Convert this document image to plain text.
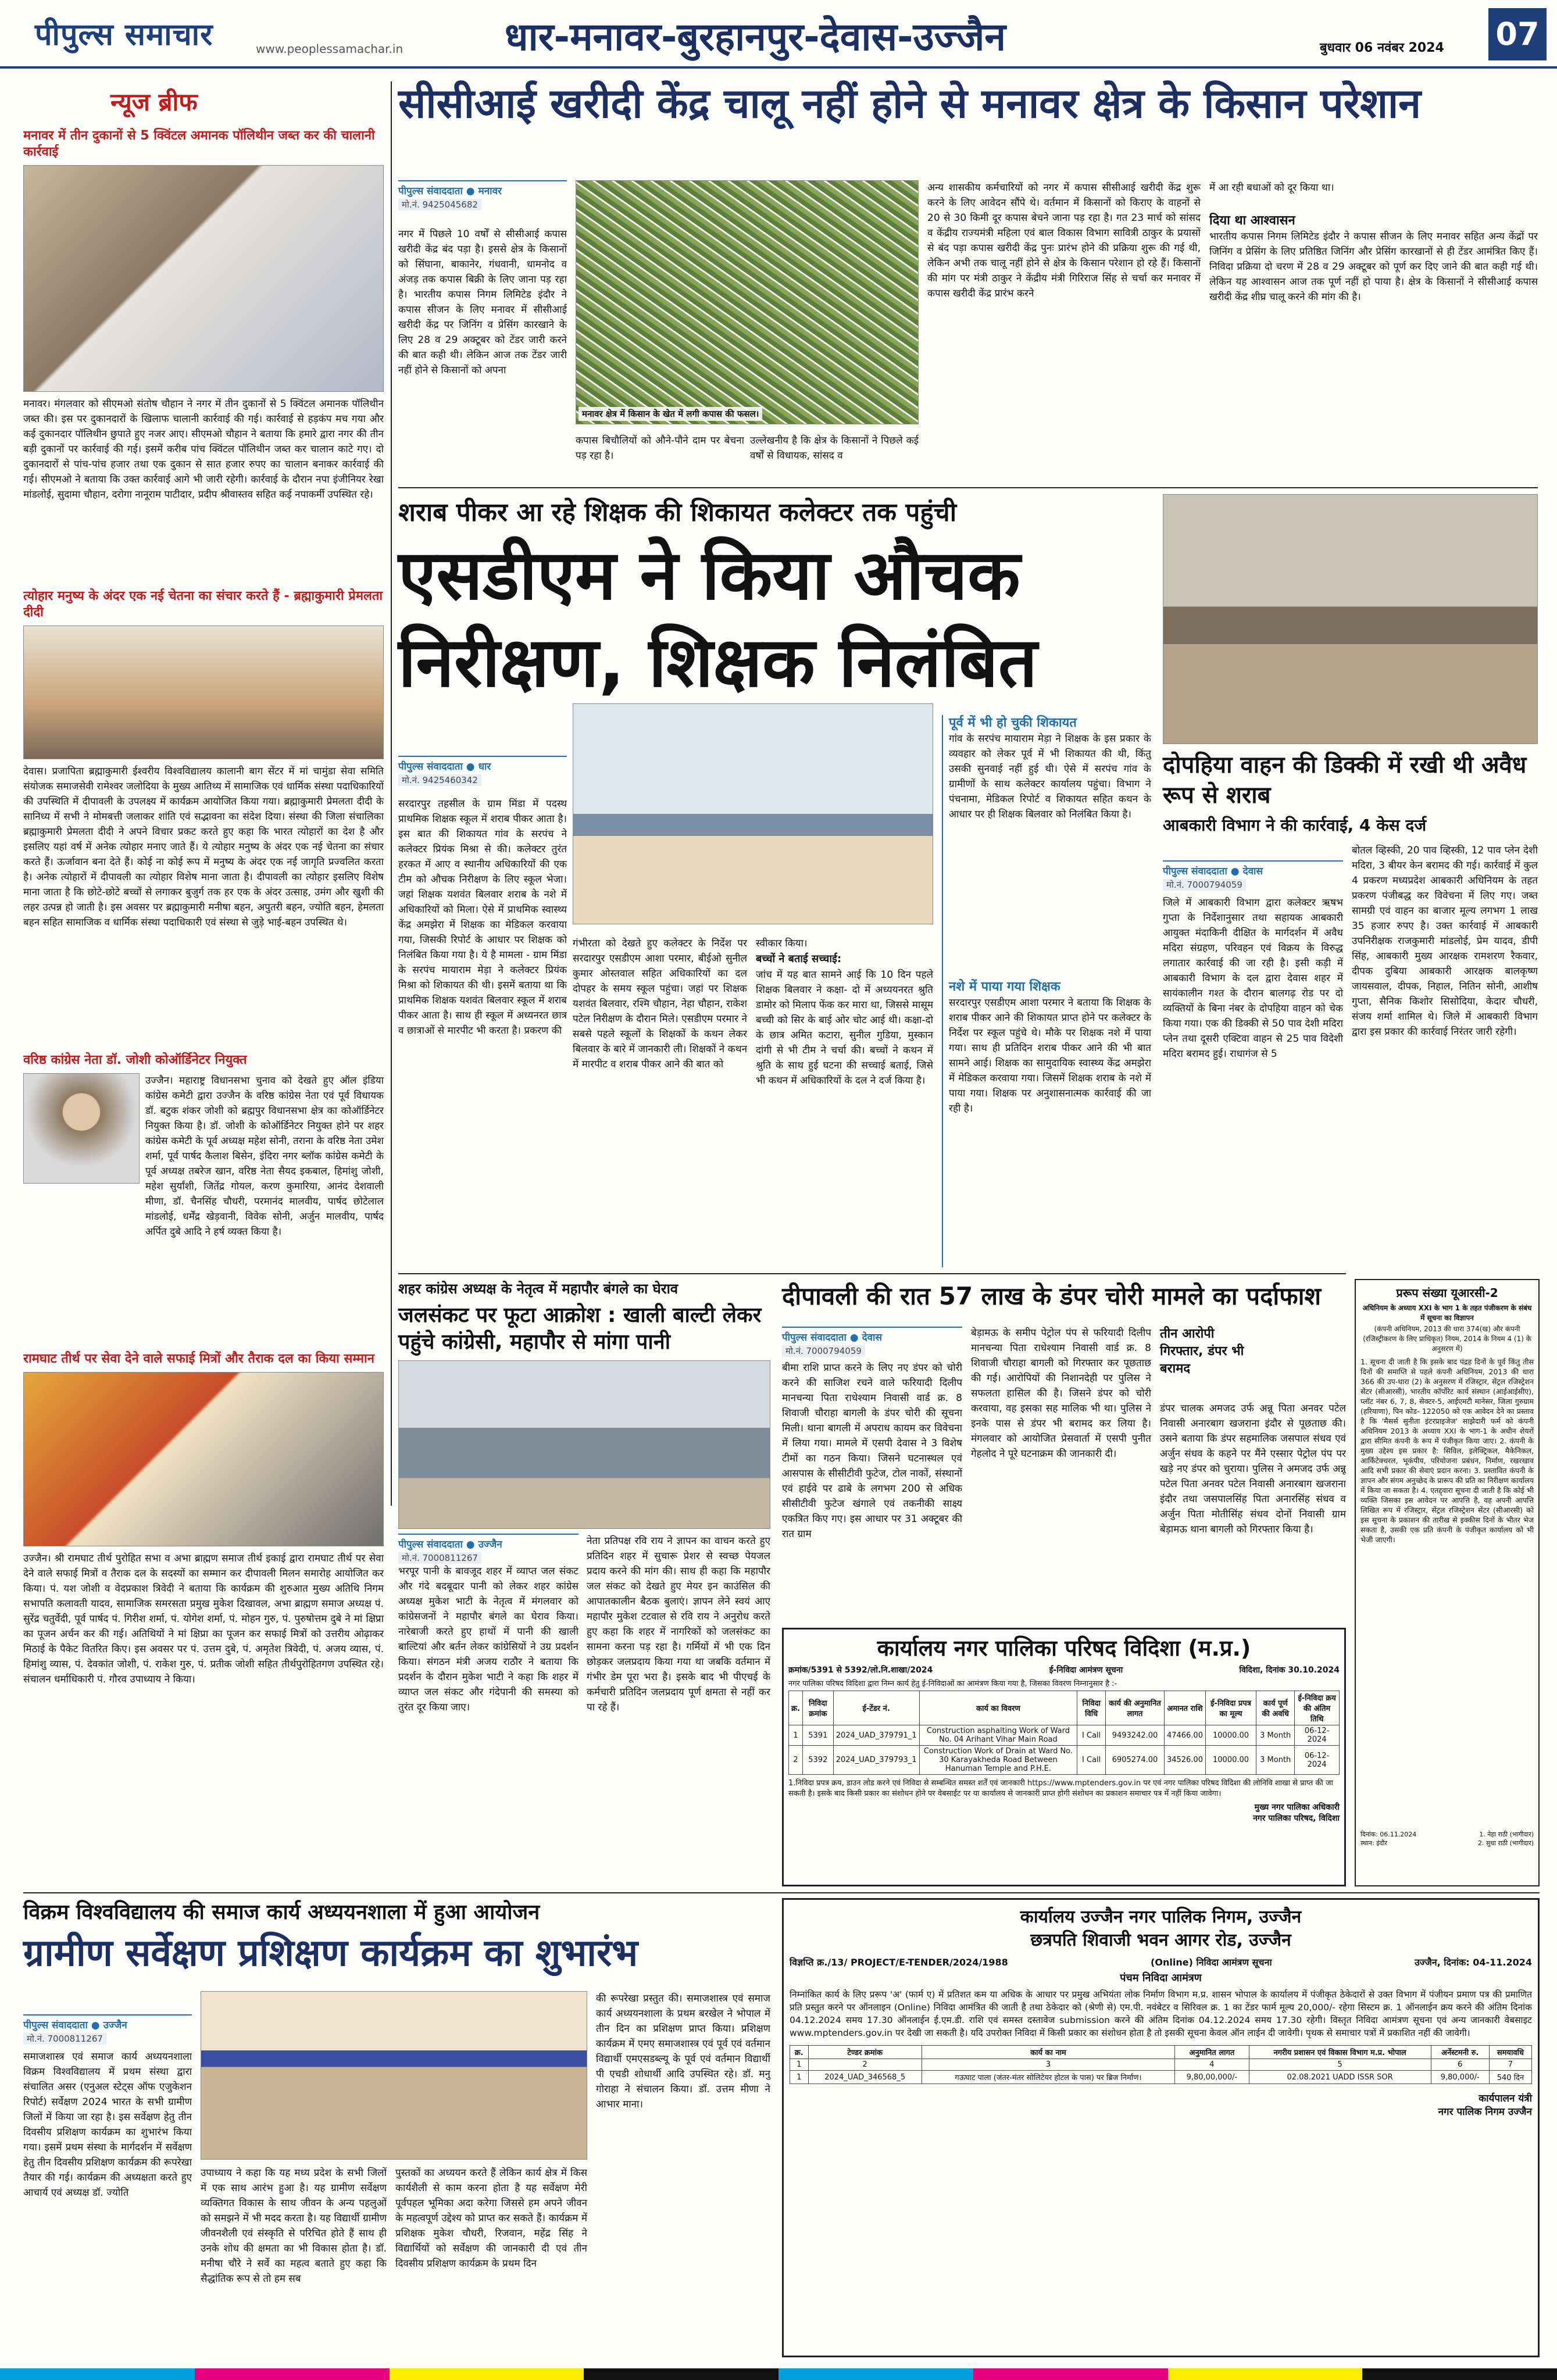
पीपुल्स समाचार	www.peoplessamachar.in	धार-मनावर-बुरहानपुर-देवास-उज्जैन	बुधवार 06 नवंबर 2024 07
न्यूज ब्रीफ
मनावर में तीन दुकानों से 5 क्विंटल अमानक पॉलिथीन जब्त कर की चालानी कार्रवाई
मनावर। मंगलवार को सीएमओ संतोष चौहान ने नगर में तीन दुकानों से 5 क्विंटल अमानक पॉलिथीन जब्त की। इस पर दुकानदारों के खिलाफ चालानी कार्रवाई की गई। कार्रवाई से हड़कंप मच गया और कई दुकानदार पॉलिथीन छुपाते हुए नजर आए। सीएमओ चौहान ने बताया कि हमारे द्वारा नगर की तीन बड़ी दुकानों पर कार्रवाई की गई। इसमें करीब पांच क्विंटल पॉलिथीन जब्त कर चालान काटे गए। दो दुकानदारों से पांच-पांच हजार तथा एक दुकान से सात हजार रुपए का चालान बनाकर कार्रवाई की गई। सीएमओ ने बताया कि उक्त कार्रवाई आगे भी जारी रहेगी। कार्रवाई के दौरान नपा इंजीनियर रेखा मांडलोई, सुदामा चौहान, दरोगा नानूराम पाटीदार, प्रदीप श्रीवास्तव सहित कई नपाकर्मी उपस्थित रहे।
त्योहार मनुष्य के अंदर एक नई चेतना का संचार करते हैं - ब्रह्माकुमारी प्रेमलता दीदी
देवास। प्रजापिता ब्रह्माकुमारी ईश्वरीय विश्वविद्यालय कालानी बाग सेंटर में मां चामुंडा सेवा समिति संयोजक समाजसेवी रामेश्वर जलोदिया के मुख्य आतिथ्य में सामाजिक एवं धार्मिक संस्था पदाधिकारियों की उपस्थिति में दीपावली के उपलक्ष्य में कार्यक्रम आयोजित किया गया। ब्रह्माकुमारी प्रेमलता दीदी के सानिध्य में सभी ने मोमबत्ती जलाकर शांति एवं सद्भावना का संदेश दिया। संस्था की जिला संचालिका ब्रह्माकुमारी प्रेमलता दीदी ने अपने विचार प्रकट करते हुए कहा कि भारत त्योहारों का देश है और इसलिए यहां वर्ष में अनेक त्योहार मनाए जाते हैं। ये त्योहार मनुष्य के अंदर एक नई चेतना का संचार करते हैं। ऊर्जावान बना देते हैं। कोई ना कोई रूप में मनुष्य के अंदर एक नई जागृति प्रज्वलित करता है। अनेक त्योहारों में दीपावली का त्योहार विशेष माना जाता है। दीपावली का त्योहार इसलिए विशेष माना जाता है कि छोटे-छोटे बच्चों से लगाकर बुजुर्ग तक हर एक के अंदर उत्साह, उमंग और खुशी की लहर उत्पन्न हो जाती है। इस अवसर पर ब्रह्माकुमारी मनीषा बहन, अपुतरी बहन, ज्योति बहन, हेमलता बहन सहित सामाजिक व धार्मिक संस्था पदाधिकारी एवं संस्था से जुड़े भाई-बहन उपस्थित थे।
वरिष्ठ कांग्रेस नेता डॉ. जोशी कोऑर्डिनेटर नियुक्त
उज्जैन। महाराष्ट्र विधानसभा चुनाव को देखते हुए ऑल इंडिया कांग्रेस कमेटी द्वारा उज्जैन के वरिष्ठ कांग्रेस नेता एवं पूर्व विधायक डॉ. बटुक शंकर जोशी को ब्रह्मपुर विधानसभा क्षेत्र का कोऑर्डिनेटर नियुक्त किया है। डॉ. जोशी के कोऑर्डिनेटर नियुक्त होने पर शहर कांग्रेस कमेटी के पूर्व अध्यक्ष महेश सोनी, तराना के वरिष्ठ नेता उमेश शर्मा, पूर्व पार्षद कैलाश बिसेन, इंदिरा नगर ब्लॉक कांग्रेस कमेटी के पूर्व अध्यक्ष तबरेज खान, वरिष्ठ नेता सैयद इकबाल, हिमांशु जोशी, महेश सुर्यांशी, जितेंद्र गोयल, करण कुमारिया, आनंद देशवाली मीणा, डॉ. चैनसिंह चौधरी, परमानंद मालवीय, पार्षद छोटेलाल मांडलोई, धर्मेंद्र खेड़वानी, विवेक सोनी, अर्जुन मालवीय, पार्षद अर्पित दुबे आदि ने हर्ष व्यक्त किया है।
रामघाट तीर्थ पर सेवा देने वाले सफाई मित्रों और तैराक दल का किया सम्मान
उज्जैन। श्री रामघाट तीर्थ पुरोहित सभा व अभा ब्राह्मण समाज तीर्थ इकाई द्वारा रामघाट तीर्थ पर सेवा देने वाले सफाई मित्रों व तैराक दल के सदस्यों का सम्मान कर दीपावली मिलन समारोह आयोजित कर किया। पं. यश जोशी व वेदप्रकाश त्रिवेदी ने बताया कि कार्यक्रम की शुरुआत मुख्य अतिथि निगम सभापति कलावती यादव, सामाजिक समरसता प्रमुख मुकेश दिखावल, अभा ब्राह्मण समाज अध्यक्ष पं. सुरेंद्र चतुर्वेदी, पूर्व पार्षद पं. गिरीश शर्मा, पं. योगेश शर्मा, पं. मोहन गुरु, पं. पुरुषोत्तम दुबे ने मां क्षिप्रा का पूजन अर्चन कर की गई। अतिथियों ने मां क्षिप्रा का पूजन कर सफाई मित्रों को उत्तरीय ओढ़ाकर मिठाई के पैकेट वितरित किए। इस अवसर पर पं. उत्तम दुबे, पं. अमृतेश त्रिवेदी, पं. अजय व्यास, पं. हिमांशु व्यास, पं. देवकांत जोशी, पं. राकेश गुरु, पं. प्रतीक जोशी सहित तीर्थपुरोहितगण उपस्थित रहे। संचालन धर्माधिकारी पं. गौरव उपाध्याय ने किया।
सीसीआई खरीदी केंद्र चालू नहीं होने से मनावर क्षेत्र के किसान परेशान
पीपुल्स संवाददाता ● मनावर
मो.नं. 9425045682
नगर में पिछले 10 वर्षों से सीसीआई कपास खरीदी केंद्र बंद पड़ा है। इससे क्षेत्र के किसानों को सिंघाना, बाकानेर, गंधवानी, धामनोद व अंजड़ तक कपास बिक्री के लिए जाना पड़ रहा है। भारतीय कपास निगम लिमिटेड इंदौर ने कपास सीजन के लिए मनावर में सीसीआई खरीदी केंद्र पर जिनिंग व प्रेसिंग कारखाने के लिए 28 व 29 अक्टूबर को टेंडर जारी करने की बात कही थी। लेकिन आज तक टेंडर जारी नहीं होने से किसानों को अपना
मनावर क्षेत्र में किसान के खेत में लगी कपास की फसल।
कपास बिचौलियों को औने-पौने दाम पर बेचना पड़ रहा है।
उल्लेखनीय है कि क्षेत्र के किसानों ने पिछले कई वर्षों से विधायक, सांसद व
अन्य शासकीय कर्मचारियों को नगर में कपास सीसीआई खरीदी केंद्र शुरू करने के लिए आवेदन सौंपे थे। वर्तमान में किसानों को किराए के वाहनों से 20 से 30 किमी दूर कपास बेचने जाना पड़ रहा है। गत 23 मार्च को सांसद व केंद्रीय राज्यमंत्री महिला एवं बाल विकास विभाग सावित्री ठाकुर के प्रयासों से बंद पड़ा कपास खरीदी केंद्र पुनः प्रारंभ होने की प्रक्रिया शुरू की गई थी, लेकिन अभी तक चालू नहीं होने से क्षेत्र के किसान परेशान हो रहे हैं। किसानों की मांग पर मंत्री ठाकुर ने केंद्रीय मंत्री गिरिराज सिंह से चर्चा कर मनावर में कपास खरीदी केंद्र प्रारंभ करने
में आ रही बधाओं को दूर किया था।
दिया था आश्वासन
भारतीय कपास निगम लिमिटेड इंदौर ने कपास सीजन के लिए मनावर सहित अन्य केंद्रों पर जिनिंग व प्रेसिंग के लिए प्रतिष्ठित जिनिंग और प्रेसिंग कारखानों से ही टेंडर आमंत्रित किए हैं। निविदा प्रक्रिया दो चरण में 28 व 29 अक्टूबर को पूर्ण कर दिए जाने की बात कही गई थी। लेकिन यह आश्वासन आज तक पूर्ण नहीं हो पाया है। क्षेत्र के किसानों ने सीसीआई कपास खरीदी केंद्र शीघ्र चालू करने की मांग की है।
शराब पीकर आ रहे शिक्षक की शिकायत कलेक्टर तक पहुंची
एसडीएम ने किया औचक
निरीक्षण, शिक्षक निलंबित
पीपुल्स संवाददाता ● धार
मो.नं. 9425460342
सरदारपुर तहसील के ग्राम मिंडा में पदस्थ प्राथमिक शिक्षक स्कूल में शराब पीकर आता है। इस बात की शिकायत गांव के सरपंच ने कलेक्टर प्रियंक मिश्रा से की। कलेक्टर तुरंत हरकत में आए व स्थानीय अधिकारियों की एक टीम को औचक निरीक्षण के लिए स्कूल भेजा। जहां शिक्षक यशवंत बिलवार शराब के नशे में अधिकारियों को मिला। ऐसे में प्राथमिक स्वास्थ्य केंद्र अमझेरा में शिक्षक का मेडिकल करवाया गया, जिसकी रिपोर्ट के आधार पर शिक्षक को निलंबित किया गया है। ये है मामला - ग्राम मिंडा के सरपंच मायाराम मेड़ा ने कलेक्टर प्रियंक मिश्रा को शिकायत की थी। इसमें बताया था कि प्राथमिक शिक्षक यशवंत बिलवार स्कूल में शराब पीकर आता है। साथ ही स्कूल में अध्यनरत छात्र व छात्राओं से मारपीट भी करता है। प्रकरण की
गंभीरता को देखते हुए कलेक्टर के निर्देश पर सरदारपुर एसडीएम आशा परमार, बीईओ सुनील कुमार ओस्तवाल सहित अधिकारियों का दल दोपहर के समय स्कूल पहुंचा। जहां पर शिक्षक यशवंत बिलवार, रश्मि चौहान, नेहा चौहान, राकेश पटेल निरीक्षण के दौरान मिले। एसडीएम परमार ने सबसे पहले स्कूलों के शिक्षकों के कथन लेकर बिलवार के बारे में जानकारी ली। शिक्षकों ने कथन में मारपीट व शराब पीकर आने की बात को
स्वीकार किया।
बच्चों ने बताई सच्चाई:
जांच में यह बात सामने आई कि 10 दिन पहले शिक्षक बिलवार ने कक्षा- दो में अध्ययनरत श्रुति डामोर को मिलाप फेंक कर मारा था, जिससे मासूम बच्ची को सिर के बाई ओर चोट आई थी। कक्षा-दो के छात्र अमित कटारा, सुनील गुडिया, मुस्कान दांगी से भी टीम ने चर्चा की। बच्चों ने कथन में श्रुति के साथ हुई घटना की सच्चाई बताई, जिसे भी कथन में अधिकारियों के दल ने दर्ज किया है।
पूर्व में भी हो चुकी शिकायत
गांव के सरपंच मायाराम मेड़ा ने शिक्षक के इस प्रकार के व्यवहार को लेकर पूर्व में भी शिकायत की थी, किंतु उसकी सुनवाई नहीं हुई थी। ऐसे में सरपंच गांव के ग्रामीणों के साथ कलेक्टर कार्यालय पहुंचा। विभाग ने पंचनामा, मेडिकल रिपोर्ट व शिकायत सहित कथन के आधार पर ही शिक्षक बिलवार को निलंबित किया है।
नशे में पाया गया शिक्षक
सरदारपुर एसडीएम आशा परमार ने बताया कि शिक्षक के शराब पीकर आने की शिकायत प्राप्त होने पर कलेक्टर के निर्देश पर स्कूल पहुंचे थे। मौके पर शिक्षक नशे में पाया गया। साथ ही प्रतिदिन शराब पीकर आने की भी बात सामने आई। शिक्षक का सामुदायिक स्वास्थ्य केंद्र अमझेरा में मेडिकल करवाया गया। जिसमें शिक्षक शराब के नशे में पाया गया। शिक्षक पर अनुशासनात्मक कार्रवाई की जा रही है।
दोपहिया वाहन की डिक्की में रखी थी अवैध रूप से शराब
आबकारी विभाग ने की कार्रवाई, 4 केस दर्ज
पीपुल्स संवाददाता ● देवास
मो.नं. 7000794059
जिले में आबकारी विभाग द्वारा कलेक्टर ऋषभ गुप्ता के निर्देशानुसार तथा सहायक आबकारी आयुक्त मंदाकिनी दीक्षित के मार्गदर्शन में अवैध मदिरा संग्रहण, परिवहन एवं विक्रय के विरुद्ध लगातार कार्रवाई की जा रही है। इसी कड़ी में आबकारी विभाग के दल द्वारा देवास शहर में सायंकालीन गश्त के दौरान बालगढ़ रोड पर दो व्यक्तियों के बिना नंबर के दोपहिया वाहन को चेक किया गया। एक की डिक्की से 50 पाव देशी मदिरा प्लेन तथा दूसरी एक्टिवा वाहन से 25 पाव विदेशी मदिरा बरामद हुई। राधागंज से 5
बोतल व्हिस्की, 20 पाव व्हिस्की, 12 पाव प्लेन देशी मदिरा, 3 बीयर केन बरामद की गई। कार्रवाई में कुल 4 प्रकरण मध्यप्रदेश आबकारी अधिनियम के तहत प्रकरण पंजीबद्ध कर विवेचना में लिए गए। जब्त सामग्री एवं वाहन का बाजार मूल्य लगभग 1 लाख 35 हजार रुपए है। उक्त कार्रवाई में आबकारी उपनिरीक्षक राजकुमारी मांडलोई, प्रेम यादव, डीपी सिंह, आबकारी मुख्य आरक्षक रामशरण रैकवार, दीपक दुबिया आबकारी आरक्षक बालकृष्ण जायसवाल, दीपक, निहाल, नितिन सोनी, आशीष गुप्ता, सैनिक किशोर सिसोदिया, केदार चौधरी, संजय शर्मा शामिल थे। जिले में आबकारी विभाग द्वारा इस प्रकार की कार्रवाई निरंतर जारी रहेगी।
शहर कांग्रेस अध्यक्ष के नेतृत्व में महापौर बंगले का घेराव
जलसंकट पर फूटा आक्रोश : खाली बाल्टी लेकर पहुंचे कांग्रेसी, महापौर से मांगा पानी
पीपुल्स संवाददाता ● उज्जैन
मो.नं. 7000811267
भरपूर पानी के बावजूद शहर में व्याप्त जल संकट और गंदे बदबूदार पानी को लेकर शहर कांग्रेस अध्यक्ष मुकेश भाटी के नेतृत्व में मंगलवार को कांग्रेसजनों ने महापौर बंगले का घेराव किया। नारेबाजी करते हुए हाथों में पानी की खाली बाल्टियां और बर्तन लेकर कांग्रेसियों ने उग्र प्रदर्शन किया। संगठन मंत्री अजय राठौर ने बताया कि प्रदर्शन के दौरान मुकेश भाटी ने कहा कि शहर में व्याप्त जल संकट और गंदेपानी की समस्या को तुरंत दूर किया जाए।
नेता प्रतिपक्ष रवि राय ने ज्ञापन का वाचन करते हुए प्रतिदिन शहर में सुचारू प्रेशर से स्वच्छ पेयजल प्रदाय करने की मांग की। साथ ही कहा कि महापौर जल संकट को देखते हुए मेयर इन काउंसिल की आपातकालीन बैठक बुलाएं। ज्ञापन लेने स्वयं आए महापौर मुकेश टटवाल से रवि राय ने अनुरोध करते हुए कहा कि शहर में नागरिकों को जलसंकट का सामना करना पड़ रहा है। गर्मियों में भी एक दिन छोड़कर जलप्रदाय किया गया था जबकि वर्तमान में गंभीर डेम पूरा भरा है। इसके बाद भी पीएचई के कर्मचारी प्रतिदिन जलप्रदाय पूर्ण क्षमता से नहीं कर पा रहे हैं।
दीपावली की रात 57 लाख के डंपर चोरी मामले का पर्दाफाश
पीपुल्स संवाददाता ● देवास
मो.नं. 7000794059
बीमा राशि प्राप्त करने के लिए नए डंपर को चोरी करने की साजिश रचने वाले फरियादी दिलीप मानचन्या पिता राधेश्याम निवासी वार्ड क्र. 8 शिवाजी चौराहा बागली के डंपर चोरी की सूचना मिली। थाना बागली में अपराध कायम कर विवेचना में लिया गया। मामले में एसपी देवास ने 3 विशेष टीमों का गठन किया। जिसने घटनास्थल एवं आसपास के सीसीटीवी फुटेज, टोल नाकों, संस्थानों एवं हाईवे पर ढाबे के लगभग 200 से अधिक सीसीटीवी फुटेज खंगाले एवं तकनीकी साक्ष्य एकत्रित किए गए। इस आधार पर 31 अक्टूबर की रात ग्राम
बेड़ामऊ के समीप पेट्रोल पंप से फरियादी दिलीप मानचन्या पिता राधेश्याम निवासी वार्ड क्र. 8 शिवाजी चौराहा बागली को गिरफ्तार कर पूछताछ की गई। आरोपियों की निशानदेही पर पुलिस ने सफलता हासिल की है। जिसने डंपर को चोरी करवाया, वह इसका सह मालिक भी था। पुलिस ने इनके पास से डंपर भी बरामद कर लिया है। मंगलवार को आयोजित प्रेसवार्ता में एसपी पुनीत गेहलोद ने पूरे घटनाक्रम की जानकारी दी।
तीन आरोपी गिरफ्तार, डंपर भी बरामद
डंपर चालक अमजद उर्फ अन्नू पिता अनवर पटेल निवासी अनारबाग खजराना इंदौर से पूछताछ की। उसने बताया कि डंपर सहमालिक जसपाल संधव एवं अर्जुन संधव के कहने पर मैंने एस्सार पेट्रोल पंप पर खड़े नए डंपर को चुराया। पुलिस ने अमजद उर्फ अन्नू पटेल पिता अनवर पटेल निवासी अनारबाग खजराना इंदौर तथा जसपालसिंह पिता अनारसिंह संधव व अर्जुन पिता मोतीसिंह संधव दोनों निवासी ग्राम बेड़ामऊ थाना बागली को गिरफ्तार किया है।
कार्यालय नगर पालिका परिषद विदिशा (म.प्र.)
क्रमांक/5391 से 5392/लो.नि.शाखा/2024	ई-निविदा आमंत्रण सूचना	विदिशा, दिनांक 30.10.2024
नगर पालिका परिषद विदिशा द्वारा निम्न कार्य हेतु ई-निविदाओं का आमंत्रण किया गया है, जिसका विवरण निम्नानुसार है :-
क्र.	निविदा क्रमांक	ई-टेंडर नं.	कार्य का विवरण	निविदा विधि	कार्य की अनुमानित लागत	अमानत राशि	ई-निविदा प्रपत्र का मूल्य	कार्य पूर्ण की अवधि	ई-निविदा क्रय की अंतिम तिथि
1	5391	2024_UAD_379791_1	Construction asphalting Work of Ward No. 04 Arihant Vihar Main Road	I Call	9493242.00	47466.00	10000.00	3 Month	06-12-2024
2	5392	2024_UAD_379793_1	Construction Work of Drain at Ward No. 30 Karayakheda Road Between Hanuman Temple and P.H.E.	I Call	6905274.00	34526.00	10000.00	3 Month	06-12-2024
1.निविदा प्रपत्र क्रय, डाउन लोड करने एवं निविदा से सम्बन्धित समस्त शर्तें एवं जानकारी https://www.mptenders.gov.in पर एवं नगर पालिका परिषद विदिशा की लोनिवि शाखा से प्राप्त की जा सकती है। इसके बाद किसी प्रकार का संशोधन होने पर वेबसाईट पर या कार्यालय से जानकारी प्राप्त होगी संशोधन का प्रकाशन समाचार पत्र में नहीं किया जावेगा।
मुख्य नगर पालिका अधिकारी
नगर पालिका परिषद, विदिशा
प्ररूप संख्या यूआरसी-2
अधिनियम के अध्याय XXI के भाग 1 के तहत पंजीकरण के संबंध में सूचना का विज्ञापन
(कंपनी अधिनियम, 2013 की धारा 374(ख) और कंपनी (रजिस्ट्रीकरण के लिए प्राधिकृत) नियम, 2014 के नियम 4 (1) के अनुसरण में)
1. सूचना दी जाती है कि इसके बाद पंद्रह दिनों के पूर्व किंतु तीस दिनों की समाप्ति से पहले कंपनी अधिनियम, 2013 की धारा 366 की उप-धारा (2) के अनुसरण में रजिस्ट्रार, सेंट्रल रजिस्ट्रेशन सेंटर (सीआरसी), भारतीय कॉर्पोरेट कार्य संस्थान (आईआईसीए), प्लॉट नंबर 6, 7, 8, सेक्टर-5, आईएमटी मानेसर, जिला गुरुग्राम (हरियाणा), पिन कोड- 122050 को एक आवेदन देने का प्रस्ताव है कि 'मैसर्स सुनीता इंटरप्राइजेज' साझेदारी फर्म को कंपनी अधिनियम 2013 के अध्याय XXI के भाग-1 के अधीन शेयरों द्वारा सीमित कंपनी के रूप में पंजीकृत किया जाए। 2. कंपनी के मुख्य उद्देश्य इस प्रकार है: सिविल, इलेक्ट्रिकल, मैकेनिकल, आर्किटेक्चरल, भूकंपीय, परियोजना प्रबंधन, निर्माण, रखरखाव आदि सभी प्रकार की सेवाएं प्रदान करना। 3. प्रस्तावित कंपनी के ज्ञापन और संगम अनुच्छेद के प्रारूप की प्रति का निरीक्षण कार्यालय में किया जा सकता है। 4. एतद्द्वारा सूचना दी जाती है कि कोई भी व्यक्ति जिसका इस आवेदन पर आपत्ति है, वह अपनी आपत्ति लिखित रूप में रजिस्ट्रार, सेंट्रल रजिस्ट्रेशन सेंटर (सीआरसी) को इस सूचना के प्रकाशन की तारीख से इक्कीस दिनों के भीतर भेज सकता है, उसकी एक प्रति कंपनी के पंजीकृत कार्यालय को भी भेजी जाएगी।
दिनांक: 06.11.2024
स्थान: इंदौर
1. नेहा राठी (भागीदार)
2. सुधा राठी (भागीदार)
विक्रम विश्वविद्यालय की समाज कार्य अध्ययनशाला में हुआ आयोजन
ग्रामीण सर्वेक्षण प्रशिक्षण कार्यक्रम का शुभारंभ
पीपुल्स संवाददाता ● उज्जैन
मो.नं. 7000811267
समाजशास्त्र एवं समाज कार्य अध्ययनशाला विक्रम विश्वविद्यालय में प्रथम संस्था द्वारा संचालित असर (एनुअल स्टेट्स ऑफ एजुकेशन रिपोर्ट) सर्वेक्षण 2024 भारत के सभी ग्रामीण जिलों में किया जा रहा है। इस सर्वेक्षण हेतु तीन दिवसीय प्रशिक्षण कार्यक्रम का शुभारंभ किया गया। इसमें प्रथम संस्था के मार्गदर्शन में सर्वेक्षण हेतु तीन दिवसीय प्रशिक्षण कार्यक्रम की रूपरेखा तैयार की गई। कार्यक्रम की अध्यक्षता करते हुए आचार्य एवं अध्यक्ष डॉ. ज्योति
उपाध्याय ने कहा कि यह मध्य प्रदेश के सभी जिलों में एक साथ आरंभ हुआ है। यह ग्रामीण सर्वेक्षण व्यक्तिगत विकास के साथ जीवन के अन्य पहलुओं को समझने में भी मदद करता है। यह विद्यार्थी ग्रामीण जीवनशैली एवं संस्कृति से परिचित होते हैं साथ ही उनके शोध की क्षमता का भी विकास होता है। डॉ. मनीषा चौरे ने सर्वे का महत्व बताते हुए कहा कि सैद्धांतिक रूप से तो हम सब
पुस्तकों का अध्ययन करते हैं लेकिन कार्य क्षेत्र में किस कार्यशैली से काम करना होता है यह सर्वेक्षण मेरी पूर्वपहल भूमिका अदा करेगा जिससे हम अपने जीवन के महत्वपूर्ण उद्देश्य को प्राप्त कर सकते हैं। कार्यक्रम में प्रशिक्षक मुकेश चौधरी, रिजवान, महेंद्र सिंह ने विद्यार्थियों को सर्वेक्षण की जानकारी दी एवं तीन दिवसीय प्रशिक्षण कार्यक्रम के प्रथम दिन
की रूपरेखा प्रस्तुत की। समाजशास्त्र एवं समाज कार्य अध्ययनशाला के प्रथम बरखेल ने भोपाल में तीन दिन का प्रशिक्षण प्राप्त किया। प्रशिक्षण कार्यक्रम में एमए समाजशास्त्र एवं पूर्व एवं वर्तमान विद्यार्थी एमएसडब्ल्यू के पूर्व एवं वर्तमान विद्यार्थी पी एचडी शोधार्थी आदि उपस्थित रहे। डॉ. मनु गोराहा ने संचालन किया। डॉ. उत्तम मीणा ने आभार माना।
कार्यालय उज्जैन नगर पालिक निगम, उज्जैन
छत्रपति शिवाजी भवन आगर रोड, उज्जैन
विज्ञप्ति क्र./13/ PROJECT/E-TENDER/2024/1988	(Online) निविदा आमंत्रण सूचना	उज्जैन, दिनांक: 04-11.2024
पंचम निविदा आमंत्रण
निम्नांकित कार्य के लिए प्ररूप 'अ' (फार्म ए) में प्रतिशत कम या अधिक के आधार पर प्रमुख अभियंता लोक निर्माण विभाग म.प्र. शासन भोपाल के कार्यालय में पंजीकृत ठेकेदारों से उक्त विभाग में पंजीयन प्रमाण पत्र की प्रमाणित प्रति प्रस्तुत करने पर ऑनलाइन (Online) निविदा आमंत्रित की जाती है तथा ठेकेदार को (श्रेणी से) एम.पी. नवंबेटर व सिरिवल क्र. 1 का टेंडर फार्म मूल्य 20,000/- रहेगा सिस्टम क्र. 1 ऑनलाईन क्रय करने की अंतिम दिनांक 04.12.2024 समय 17.30 ऑनलाईन ई.एम.डी. राशि एवं समस्त दस्तावेज submission करने की अंतिम दिनांक 04.12.2024 समय 17.30 रहेगी। विस्तृत निविदा आमंत्रण सूचना एवं अन्य जानकारी वेबसाइट www.mptenders.gov.in पर देखी जा सकती है। यदि उपरोक्त निविदा में किसी प्रकार का संशोधन होता है तो इसकी सूचना केवल ऑन लाईन दी जावेगी। पृथक से समाचार पत्रों में प्रकाशित नहीं की जावेगी।
क्र.	टेण्डर क्रमांक	कार्य का नाम	अनुमानित लागत	नगरीय प्रशासन एवं विकास विभाग म.प्र. भोपाल	अर्नेस्टमनी रु.	समयावधि
1	2	3	4	5	6	7
1	2024_UAD_346568_5	गऊघाट पाला (जंतर-मंतर सोलिटेयर होटल के पास) पर ब्रिज निर्माण।	9,80,00,000/-	02.08.2021 UADD ISSR SOR	9,80,000/-	540 दिन
कार्यपालन यंत्री
नगर पालिक निगम उज्जैन
